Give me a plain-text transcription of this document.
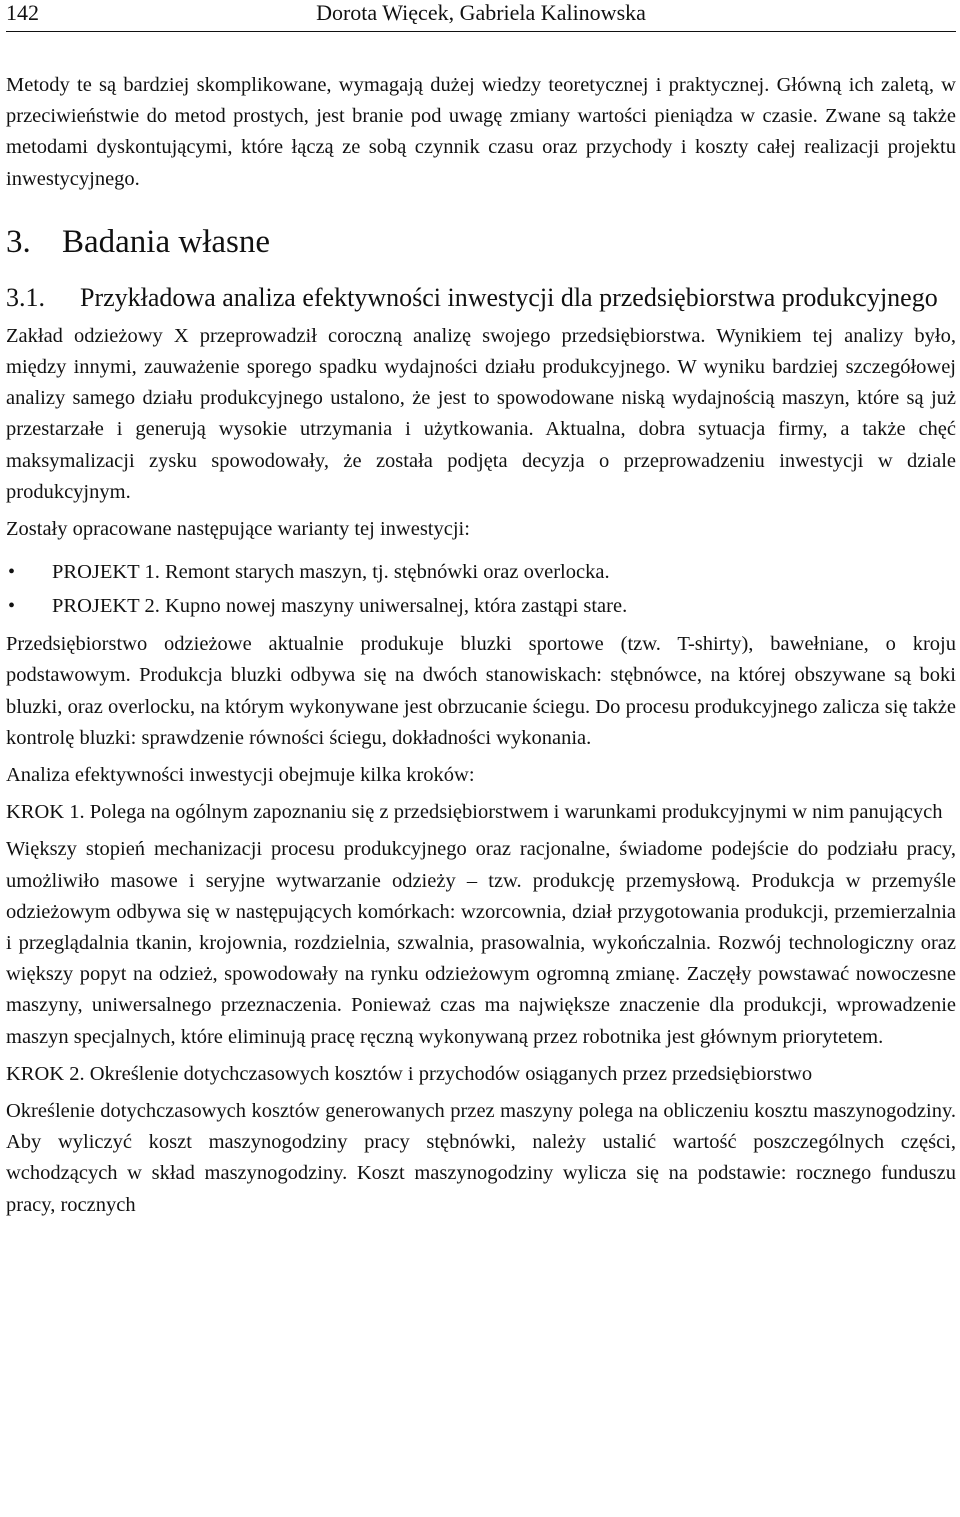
142	Dorota Więcek, Gabriela Kalinowska

Metody te są bardziej skomplikowane, wymagają dużej wiedzy teoretycznej i praktycznej. Główną ich zaletą, w przeciwieństwie do metod prostych, jest branie pod uwagę zmiany wartości pieniądza w czasie. Zwane są także metodami dyskontującymi, które łączą ze sobą czynnik czasu oraz przychody i koszty całej realizacji projektu inwestycyjnego.

3. Badania własne
3.1.	Przykładowa analiza efektywności inwestycji dla przedsiębiorstwa produkcyjnego

Zakład odzieżowy X przeprowadził coroczną analizę swojego przedsiębiorstwa. Wynikiem tej analizy było, między innymi, zauważenie sporego spadku wydajności działu produkcyjnego. W wyniku bardziej szczegółowej analizy samego działu produkcyjnego ustalono, że jest to spowodowane niską wydajnością maszyn, które są już przestarzałe i generują wysokie utrzymania i użytkowania. Aktualna, dobra sytuacja firmy, a także chęć maksymalizacji zysku spowodowały, że została podjęta decyzja o przeprowadzeniu inwestycji w dziale produkcyjnym.

Zostały opracowane następujące warianty tej inwestycji:

• PROJEKT 1. Remont starych maszyn, tj. stębnówki oraz overlocka.
• PROJEKT 2. Kupno nowej maszyny uniwersalnej, która zastąpi stare.

Przedsiębiorstwo odzieżowe aktualnie produkuje bluzki sportowe (tzw. T-shirty), bawełniane, o kroju podstawowym. Produkcja bluzki odbywa się na dwóch stanowiskach: stębnówce, na której obszywane są boki bluzki, oraz overlocku, na którym wykonywane jest obrzucanie ściegu. Do procesu produkcyjnego zalicza się także kontrolę bluzki: sprawdzenie równości ściegu, dokładności wykonania.

Analiza efektywności inwestycji obejmuje kilka kroków:

KROK 1. Polega na ogólnym zapoznaniu się z przedsiębiorstwem i warunkami produkcyjnymi w nim panujących

Większy stopień mechanizacji procesu produkcyjnego oraz racjonalne, świadome podejście do podziału pracy, umożliwiło masowe i seryjne wytwarzanie odzieży – tzw. produkcję przemysłową. Produkcja w przemyśle odzieżowym odbywa się w następujących komórkach: wzorcownia, dział przygotowania produkcji, przemierzalnia i przeglądalnia tkanin, krojownia, rozdzielnia, szwalnia, prasowalnia, wykończalnia. Rozwój technologiczny oraz większy popyt na odzież, spowodowały na rynku odzieżowym ogromną zmianę. Zaczęły powstawać nowoczesne maszyny, uniwersalnego przeznaczenia. Ponieważ czas ma największe znaczenie dla produkcji, wprowadzenie maszyn specjalnych, które eliminują pracę ręczną wykonywaną przez robotnika jest głównym priorytetem.

KROK 2. Określenie dotychczasowych kosztów i przychodów osiąganych przez przedsiębiorstwo

Określenie dotychczasowych kosztów generowanych przez maszyny polega na obliczeniu kosztu maszynogodziny. Aby wyliczyć koszt maszynogodziny pracy stębnówki, należy ustalić wartość poszczególnych części, wchodzących w skład maszynogodziny. Koszt maszynogodziny wylicza się na podstawie: rocznego funduszu pracy, rocznych
